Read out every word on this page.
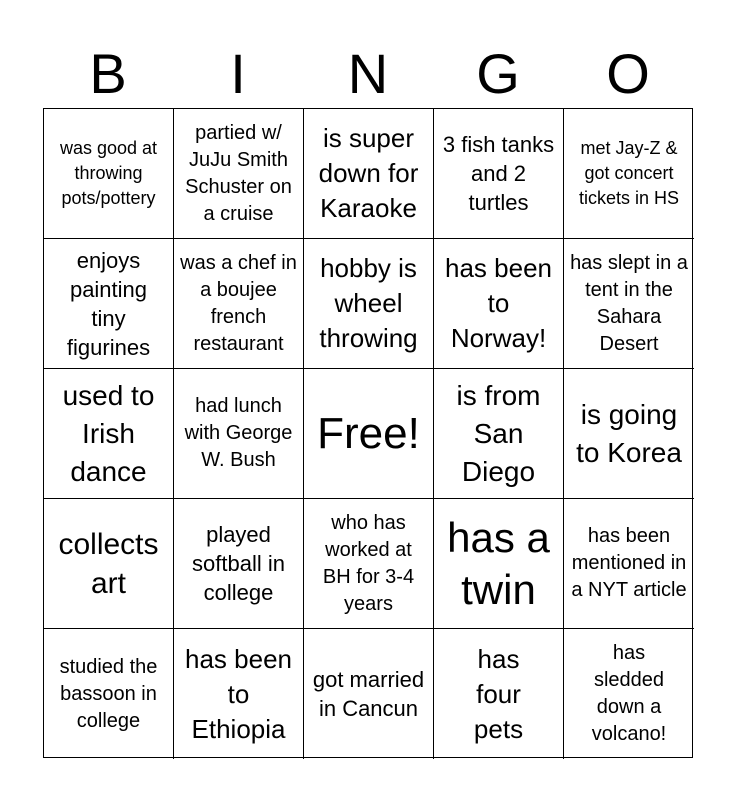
B	I	N	G	O
was good at throwing pots/pottery
partied w/ JuJu Smith Schuster on a cruise
is super down for Karaoke
3 fish tanks and 2 turtles
met Jay-Z & got concert tickets in HS
enjoys painting tiny figurines
was a chef in a boujee french restaurant
hobby is wheel throwing
has been to Norway!
has slept in a tent in the Sahara Desert
used to Irish dance
had lunch with George W. Bush
Free!
is from San Diego
is going to Korea
collects art
played softball in college
who has worked at BH for 3-4 years
has a twin
has been mentioned in a NYT article
studied the bassoon in college
has been to Ethiopia
got married in Cancun
has four pets
has sledded down a volcano!
